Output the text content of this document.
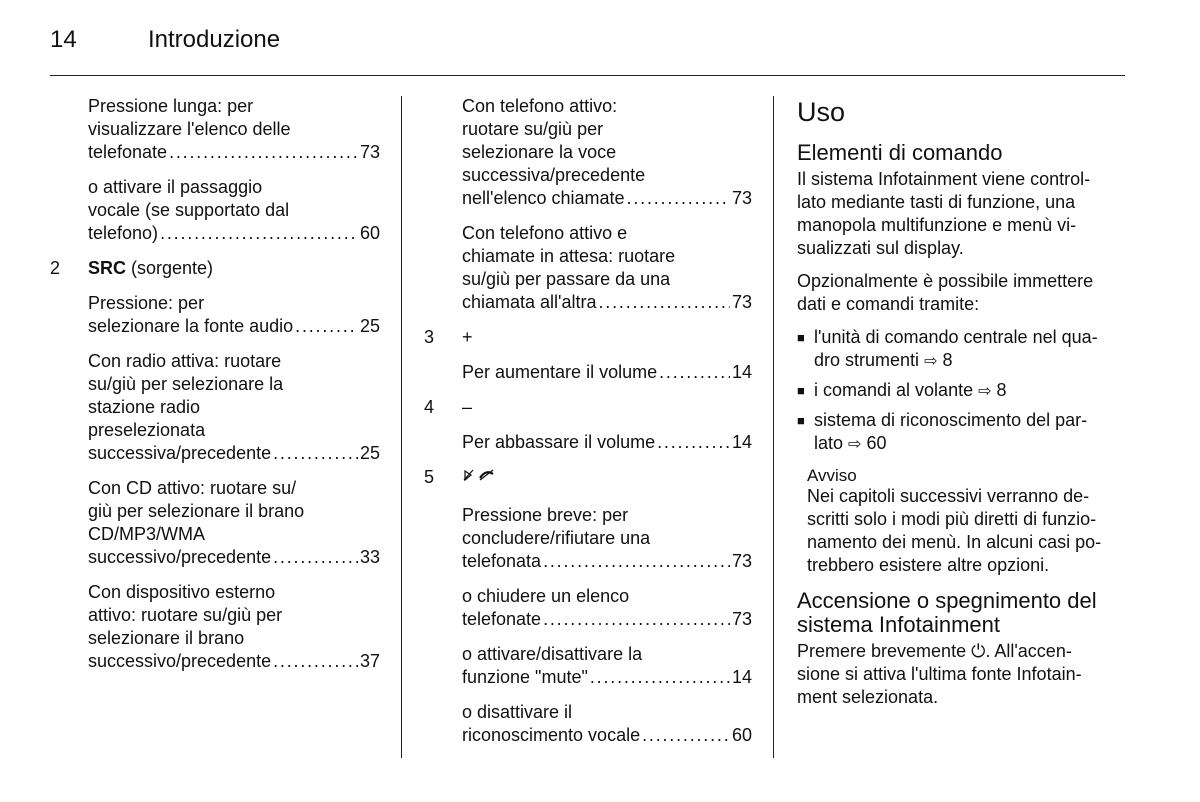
14	Introduzione
Pressione lunga: per
visualizzare l'elenco delle
telefonate . . .	73
o attivare il passaggio
vocale (se supportato dal
telefono) . . .	60
2	SRC (sorgente)
Pressione: per
selezionare la fonte audio . . .	25
Con radio attiva: ruotare
su/giù per selezionare la
stazione radio
preselezionata
successiva/precedente . . .	25
Con CD attivo: ruotare su/
giù per selezionare il brano
CD/MP3/WMA
successivo/precedente . . .	33
Con dispositivo esterno
attivo: ruotare su/giù per
selezionare il brano
successivo/precedente . . .	37
Con telefono attivo:
ruotare su/giù per
selezionare la voce
successiva/precedente
nell'elenco chiamate . . .	73
Con telefono attivo e
chiamate in attesa: ruotare
su/giù per passare da una
chiamata all'altra . . .	73
3	+
Per aumentare il volume . . .	14
4	–
Per abbassare il volume . . .	14
5
Pressione breve: per
concludere/rifiutare una
telefonata . . .	73
o chiudere un elenco
telefonate . . .	73
o attivare/disattivare la
funzione "mute" . . .	14
o disattivare il
riconoscimento vocale . . .	60
Uso
Elementi di comando
Il sistema Infotainment viene control-
lato mediante tasti di funzione, una
manopola multifunzione e menù vi-
sualizzati sul display.
Opzionalmente è possibile immettere
dati e comandi tramite:
■ l'unità di comando centrale nel qua-
dro strumenti ⇨ 8
■ i comandi al volante ⇨ 8
■ sistema di riconoscimento del par-
lato ⇨ 60
Avviso
Nei capitoli successivi verranno de-
scritti solo i modi più diretti di funzio-
namento dei menù. In alcuni casi po-
trebbero esistere altre opzioni.
Accensione o spegnimento del
sistema Infotainment
Premere brevemente ⏻. All'accen-
sione si attiva l'ultima fonte Infotain-
ment selezionata.
